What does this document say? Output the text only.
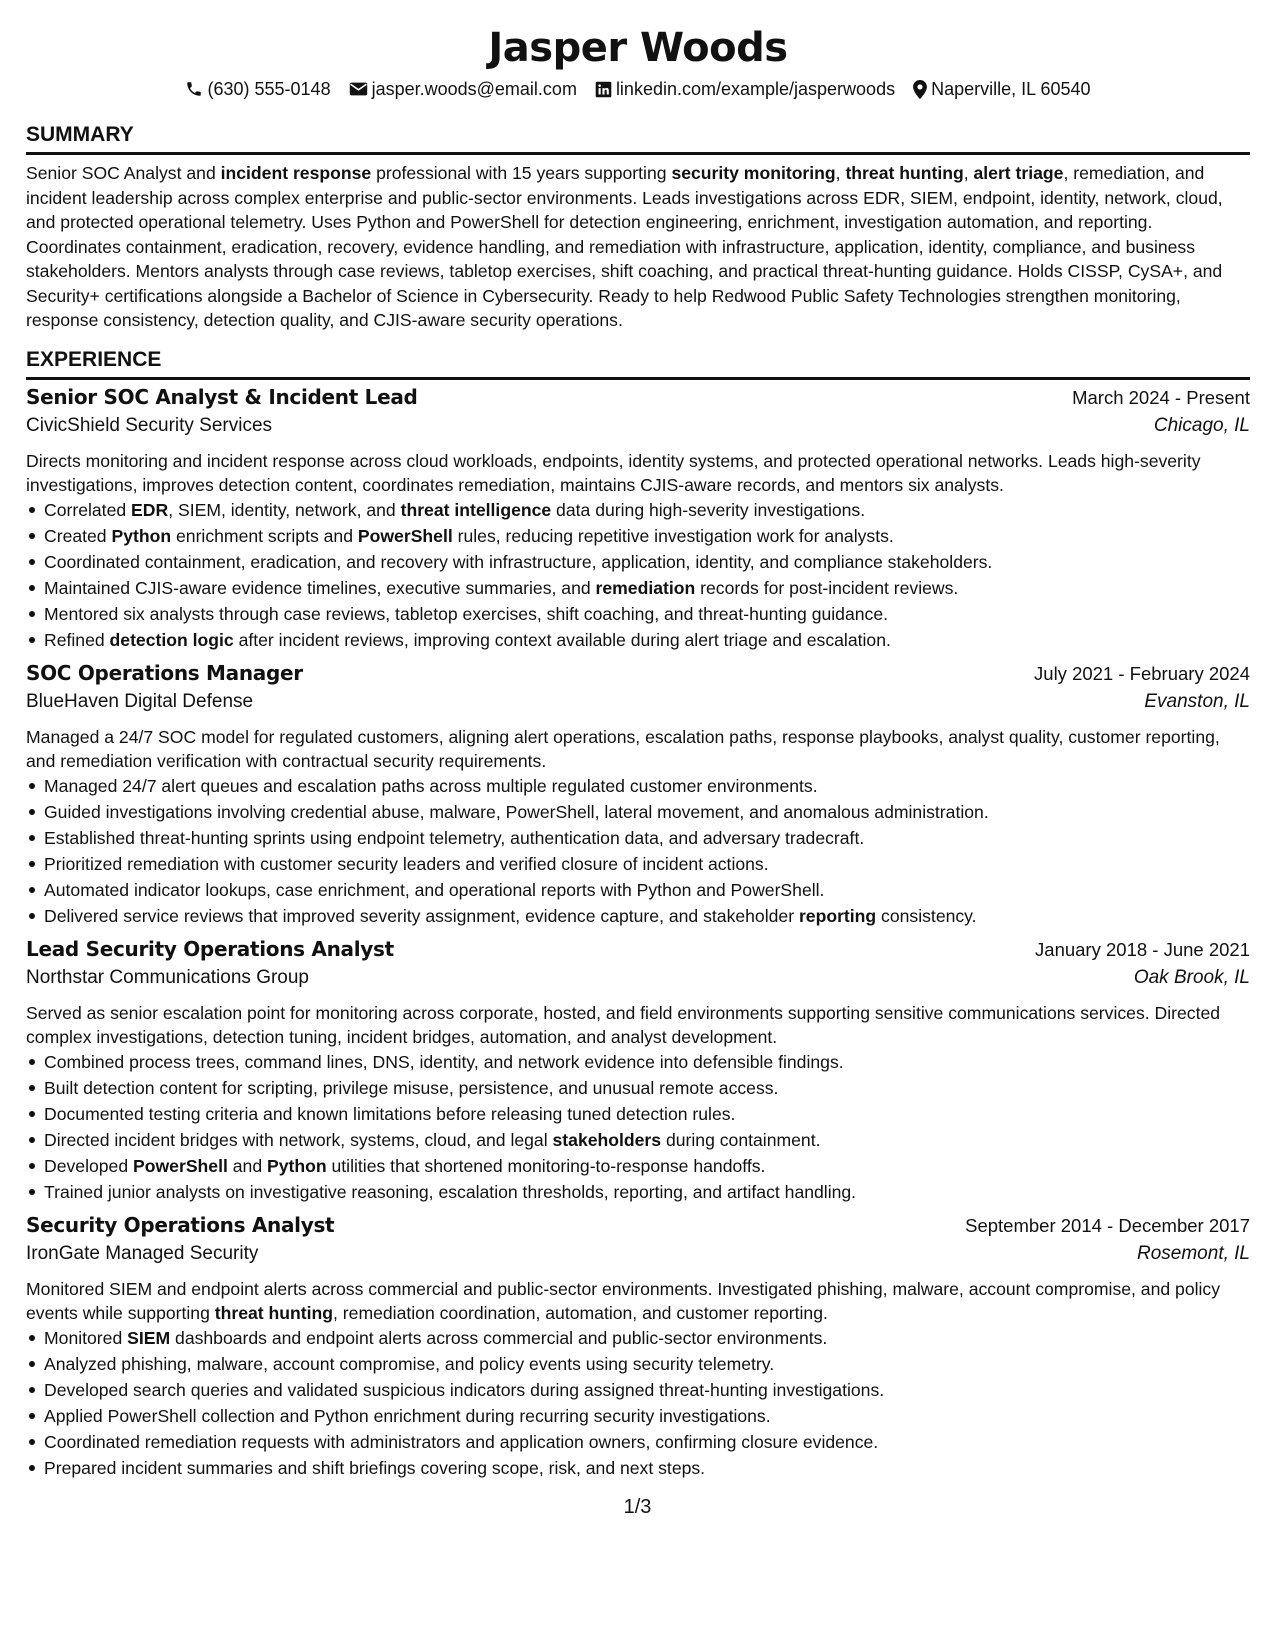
Jasper Woods
(630) 555-0148 jasper.woods@email.com linkedin.com/example/jasperwoods Naperville, IL 60540
SUMMARY
Senior SOC Analyst and incident response professional with 15 years supporting security monitoring, threat hunting, alert triage, remediation, and incident leadership across complex enterprise and public-sector environments. Leads investigations across EDR, SIEM, endpoint, identity, network, cloud, and protected operational telemetry. Uses Python and PowerShell for detection engineering, enrichment, investigation automation, and reporting. Coordinates containment, eradication, recovery, evidence handling, and remediation with infrastructure, application, identity, compliance, and business stakeholders. Mentors analysts through case reviews, tabletop exercises, shift coaching, and practical threat-hunting guidance. Holds CISSP, CySA+, and Security+ certifications alongside a Bachelor of Science in Cybersecurity. Ready to help Redwood Public Safety Technologies strengthen monitoring, response consistency, detection quality, and CJIS-aware security operations.
EXPERIENCE
Senior SOC Analyst & Incident Lead	March 2024 - Present
CivicShield Security Services	Chicago, IL
Directs monitoring and incident response across cloud workloads, endpoints, identity systems, and protected operational networks. Leads high-severity investigations, improves detection content, coordinates remediation, maintains CJIS-aware records, and mentors six analysts.
Correlated EDR, SIEM, identity, network, and threat intelligence data during high-severity investigations.
Created Python enrichment scripts and PowerShell rules, reducing repetitive investigation work for analysts.
Coordinated containment, eradication, and recovery with infrastructure, application, identity, and compliance stakeholders.
Maintained CJIS-aware evidence timelines, executive summaries, and remediation records for post-incident reviews.
Mentored six analysts through case reviews, tabletop exercises, shift coaching, and threat-hunting guidance.
Refined detection logic after incident reviews, improving context available during alert triage and escalation.
SOC Operations Manager	July 2021 - February 2024
BlueHaven Digital Defense	Evanston, IL
Managed a 24/7 SOC model for regulated customers, aligning alert operations, escalation paths, response playbooks, analyst quality, customer reporting, and remediation verification with contractual security requirements.
Managed 24/7 alert queues and escalation paths across multiple regulated customer environments.
Guided investigations involving credential abuse, malware, PowerShell, lateral movement, and anomalous administration.
Established threat-hunting sprints using endpoint telemetry, authentication data, and adversary tradecraft.
Prioritized remediation with customer security leaders and verified closure of incident actions.
Automated indicator lookups, case enrichment, and operational reports with Python and PowerShell.
Delivered service reviews that improved severity assignment, evidence capture, and stakeholder reporting consistency.
Lead Security Operations Analyst	January 2018 - June 2021
Northstar Communications Group	Oak Brook, IL
Served as senior escalation point for monitoring across corporate, hosted, and field environments supporting sensitive communications services. Directed complex investigations, detection tuning, incident bridges, automation, and analyst development.
Combined process trees, command lines, DNS, identity, and network evidence into defensible findings.
Built detection content for scripting, privilege misuse, persistence, and unusual remote access.
Documented testing criteria and known limitations before releasing tuned detection rules.
Directed incident bridges with network, systems, cloud, and legal stakeholders during containment.
Developed PowerShell and Python utilities that shortened monitoring-to-response handoffs.
Trained junior analysts on investigative reasoning, escalation thresholds, reporting, and artifact handling.
Security Operations Analyst	September 2014 - December 2017
IronGate Managed Security	Rosemont, IL
Monitored SIEM and endpoint alerts across commercial and public-sector environments. Investigated phishing, malware, account compromise, and policy events while supporting threat hunting, remediation coordination, automation, and customer reporting.
Monitored SIEM dashboards and endpoint alerts across commercial and public-sector environments.
Analyzed phishing, malware, account compromise, and policy events using security telemetry.
Developed search queries and validated suspicious indicators during assigned threat-hunting investigations.
Applied PowerShell collection and Python enrichment during recurring security investigations.
Coordinated remediation requests with administrators and application owners, confirming closure evidence.
Prepared incident summaries and shift briefings covering scope, risk, and next steps.
1/3
